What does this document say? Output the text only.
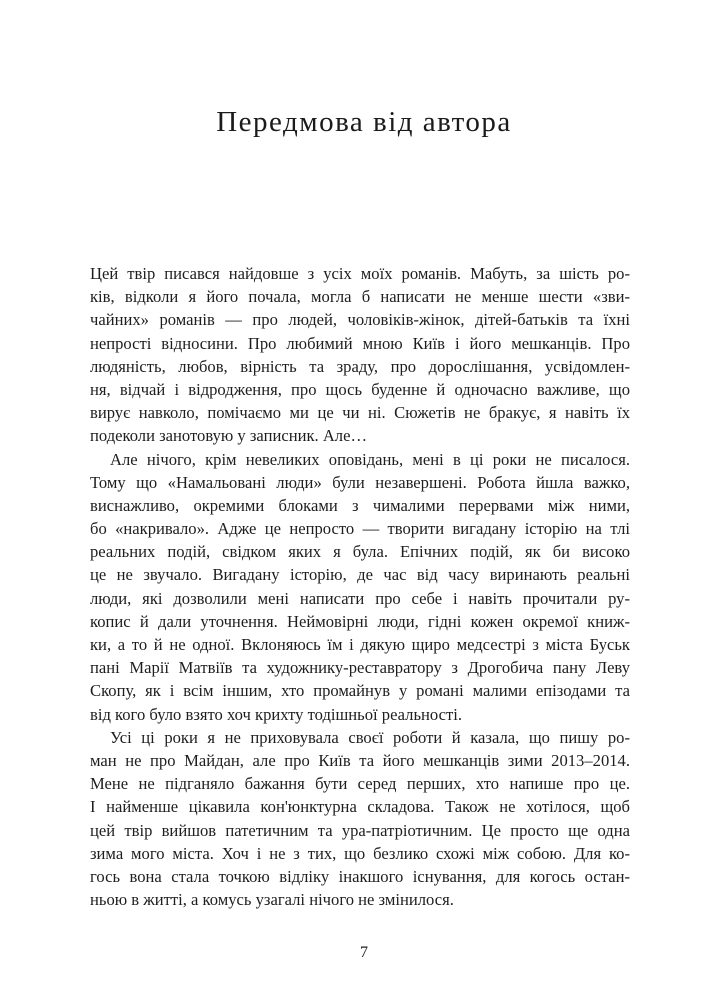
Передмова від автора
Цей твір писався найдовше з усіх моїх романів. Мабуть, за шість ро-
ків, відколи я його почала, могла б написати не менше шести «зви-
чайних» романів — про людей, чоловіків-жінок, дітей-батьків та їхні
непрості відносини. Про любимий мною Київ і його мешканців. Про
людяність, любов, вірність та зраду, про дорослішання, усвідомлен-
ня, відчай і відродження, про щось буденне й одночасно важливе, що
вирує навколо, помічаємо ми це чи ні. Сюжетів не бракує, я навіть їх
подеколи занотовую у записник. Але…
Але нічого, крім невеликих оповідань, мені в ці роки не писалося.
Тому що «Намальовані люди» були незавершені. Робота йшла важко,
виснажливо, окремими блоками з чималими перервами між ними,
бо «накривало». Адже це непросто — творити вигадану історію на тлі
реальних подій, свідком яких я була. Епічних подій, як би високо
це не звучало. Вигадану історію, де час від часу виринають реальні
люди, які дозволили мені написати про себе і навіть прочитали ру-
копис й дали уточнення. Неймовірні люди, гідні кожен окремої книж-
ки, а то й не одної. Вклоняюсь їм і дякую щиро медсестрі з міста Буськ
пані Марії Матвіїв та художнику-реставратору з Дрогобича пану Леву
Скопу, як і всім іншим, хто промайнув у романі малими епізодами та
від кого було взято хоч крихту тодішньої реальності.
Усі ці роки я не приховувала своєї роботи й казала, що пишу ро-
ман не про Майдан, але про Київ та його мешканців зими 2013–2014.
Мене не підганяло бажання бути серед перших, хто напише про це.
І найменше цікавила кон'юнктурна складова. Також не хотілося, щоб
цей твір вийшов патетичним та ура-патріотичним. Це просто ще одна
зима мого міста. Хоч і не з тих, що безлико схожі між собою. Для ко-
гось вона стала точкою відліку інакшого існування, для когось остан-
ньою в житті, а комусь узагалі нічого не змінилося.
7
